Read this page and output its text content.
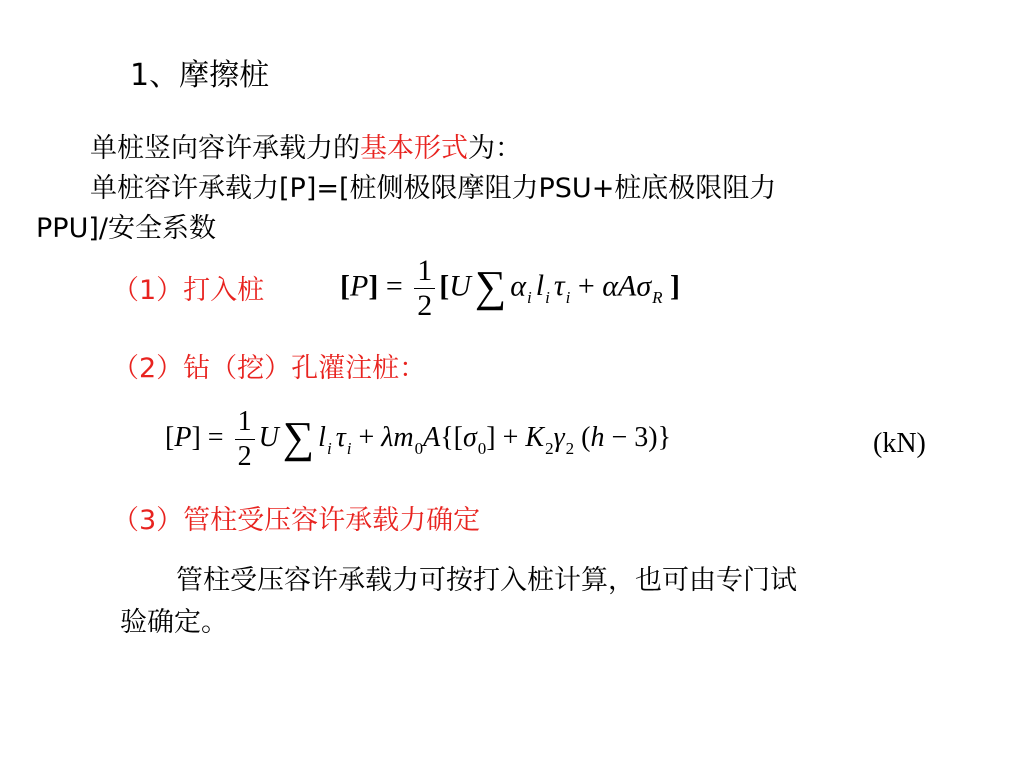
1、摩擦桩
单桩竖向容许承载力的基本形式为：
单桩容许承载力[P]=[桩侧极限摩阻力PSU+桩底极限阻力
PPU]/安全系数
（1）打入桩	$[P] = \frac{1}{2} [U\sum$ $\alpha_i$ $l_i$ $\tau_i + \alpha A\sigma_R$ ]
（2）钻（挖）孔灌注桩：
$[P] = \frac{1}{2} U\sum$ $l_i$ $\tau_i + \lambda m_0A\{[\sigma_0] + K_2\gamma_2$ (h − 3)}	(kN)
（3）管柱受压容许承载力确定
管柱受压容许承载力可按打入桩计算，也可由专门试
验确定。
